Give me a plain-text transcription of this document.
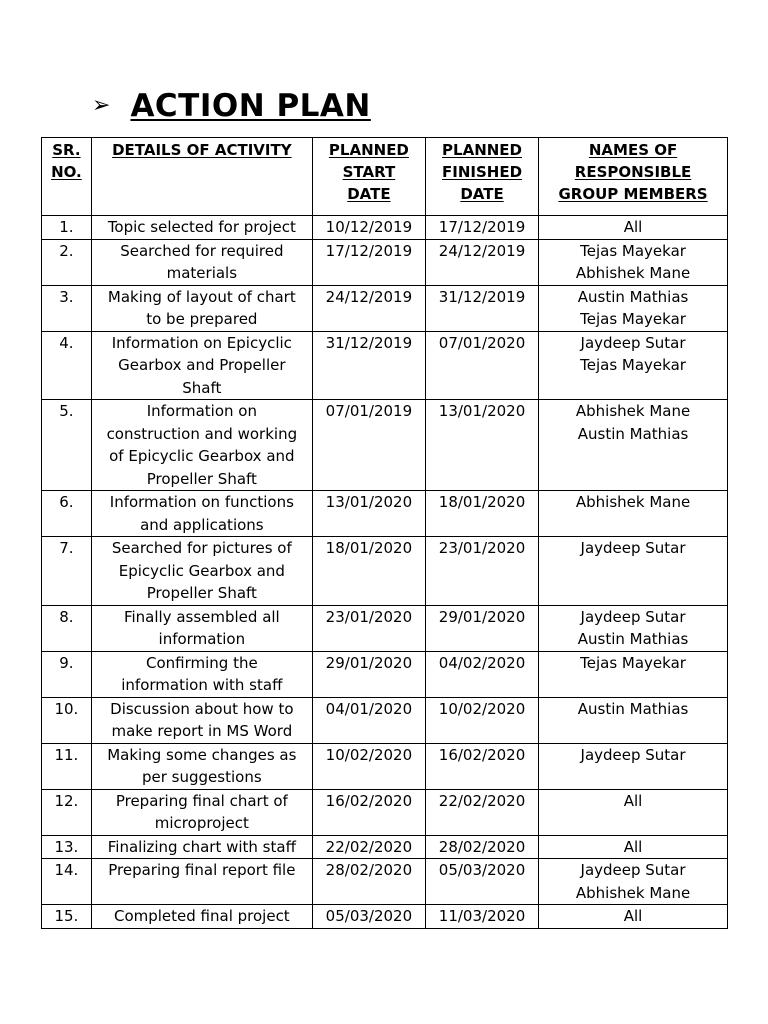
➢ ACTION PLAN
SR.
NO.	DETAILS OF ACTIVITY	PLANNED
START
DATE	PLANNED
FINISHED
DATE	NAMES OF
RESPONSIBLE
GROUP MEMBERS

1.	Topic selected for project	10/12/2019	17/12/2019	All

2.	Searched for required
materials	17/12/2019	24/12/2019	Tejas Mayekar
Abhishek Mane

3.	Making of layout of chart
to be prepared	24/12/2019	31/12/2019	Austin Mathias
Tejas Mayekar

4.	Information on Epicyclic
Gearbox and Propeller
Shaft	31/12/2019	07/01/2020	Jaydeep Sutar
Tejas Mayekar

5.	Information on
construction and working
of Epicyclic Gearbox and
Propeller Shaft	07/01/2019	13/01/2020	Abhishek Mane
Austin Mathias

6.	Information on functions
and applications	13/01/2020	18/01/2020	Abhishek Mane

7.	Searched for pictures of
Epicyclic Gearbox and
Propeller Shaft	18/01/2020	23/01/2020	Jaydeep Sutar

8.	Finally assembled all
information	23/01/2020	29/01/2020	Jaydeep Sutar
Austin Mathias

9.	Confirming the
information with staff	29/01/2020	04/02/2020	Tejas Mayekar

10.	Discussion about how to
make report in MS Word	04/01/2020	10/02/2020	Austin Mathias

11.	Making some changes as
per suggestions	10/02/2020	16/02/2020	Jaydeep Sutar

12.	Preparing final chart of
microproject	16/02/2020	22/02/2020	All

13.	Finalizing chart with staff	22/02/2020	28/02/2020	All

14.	Preparing final report file	28/02/2020	05/03/2020	Jaydeep Sutar
Abhishek Mane

15.	Completed final project	05/03/2020	11/03/2020	All
